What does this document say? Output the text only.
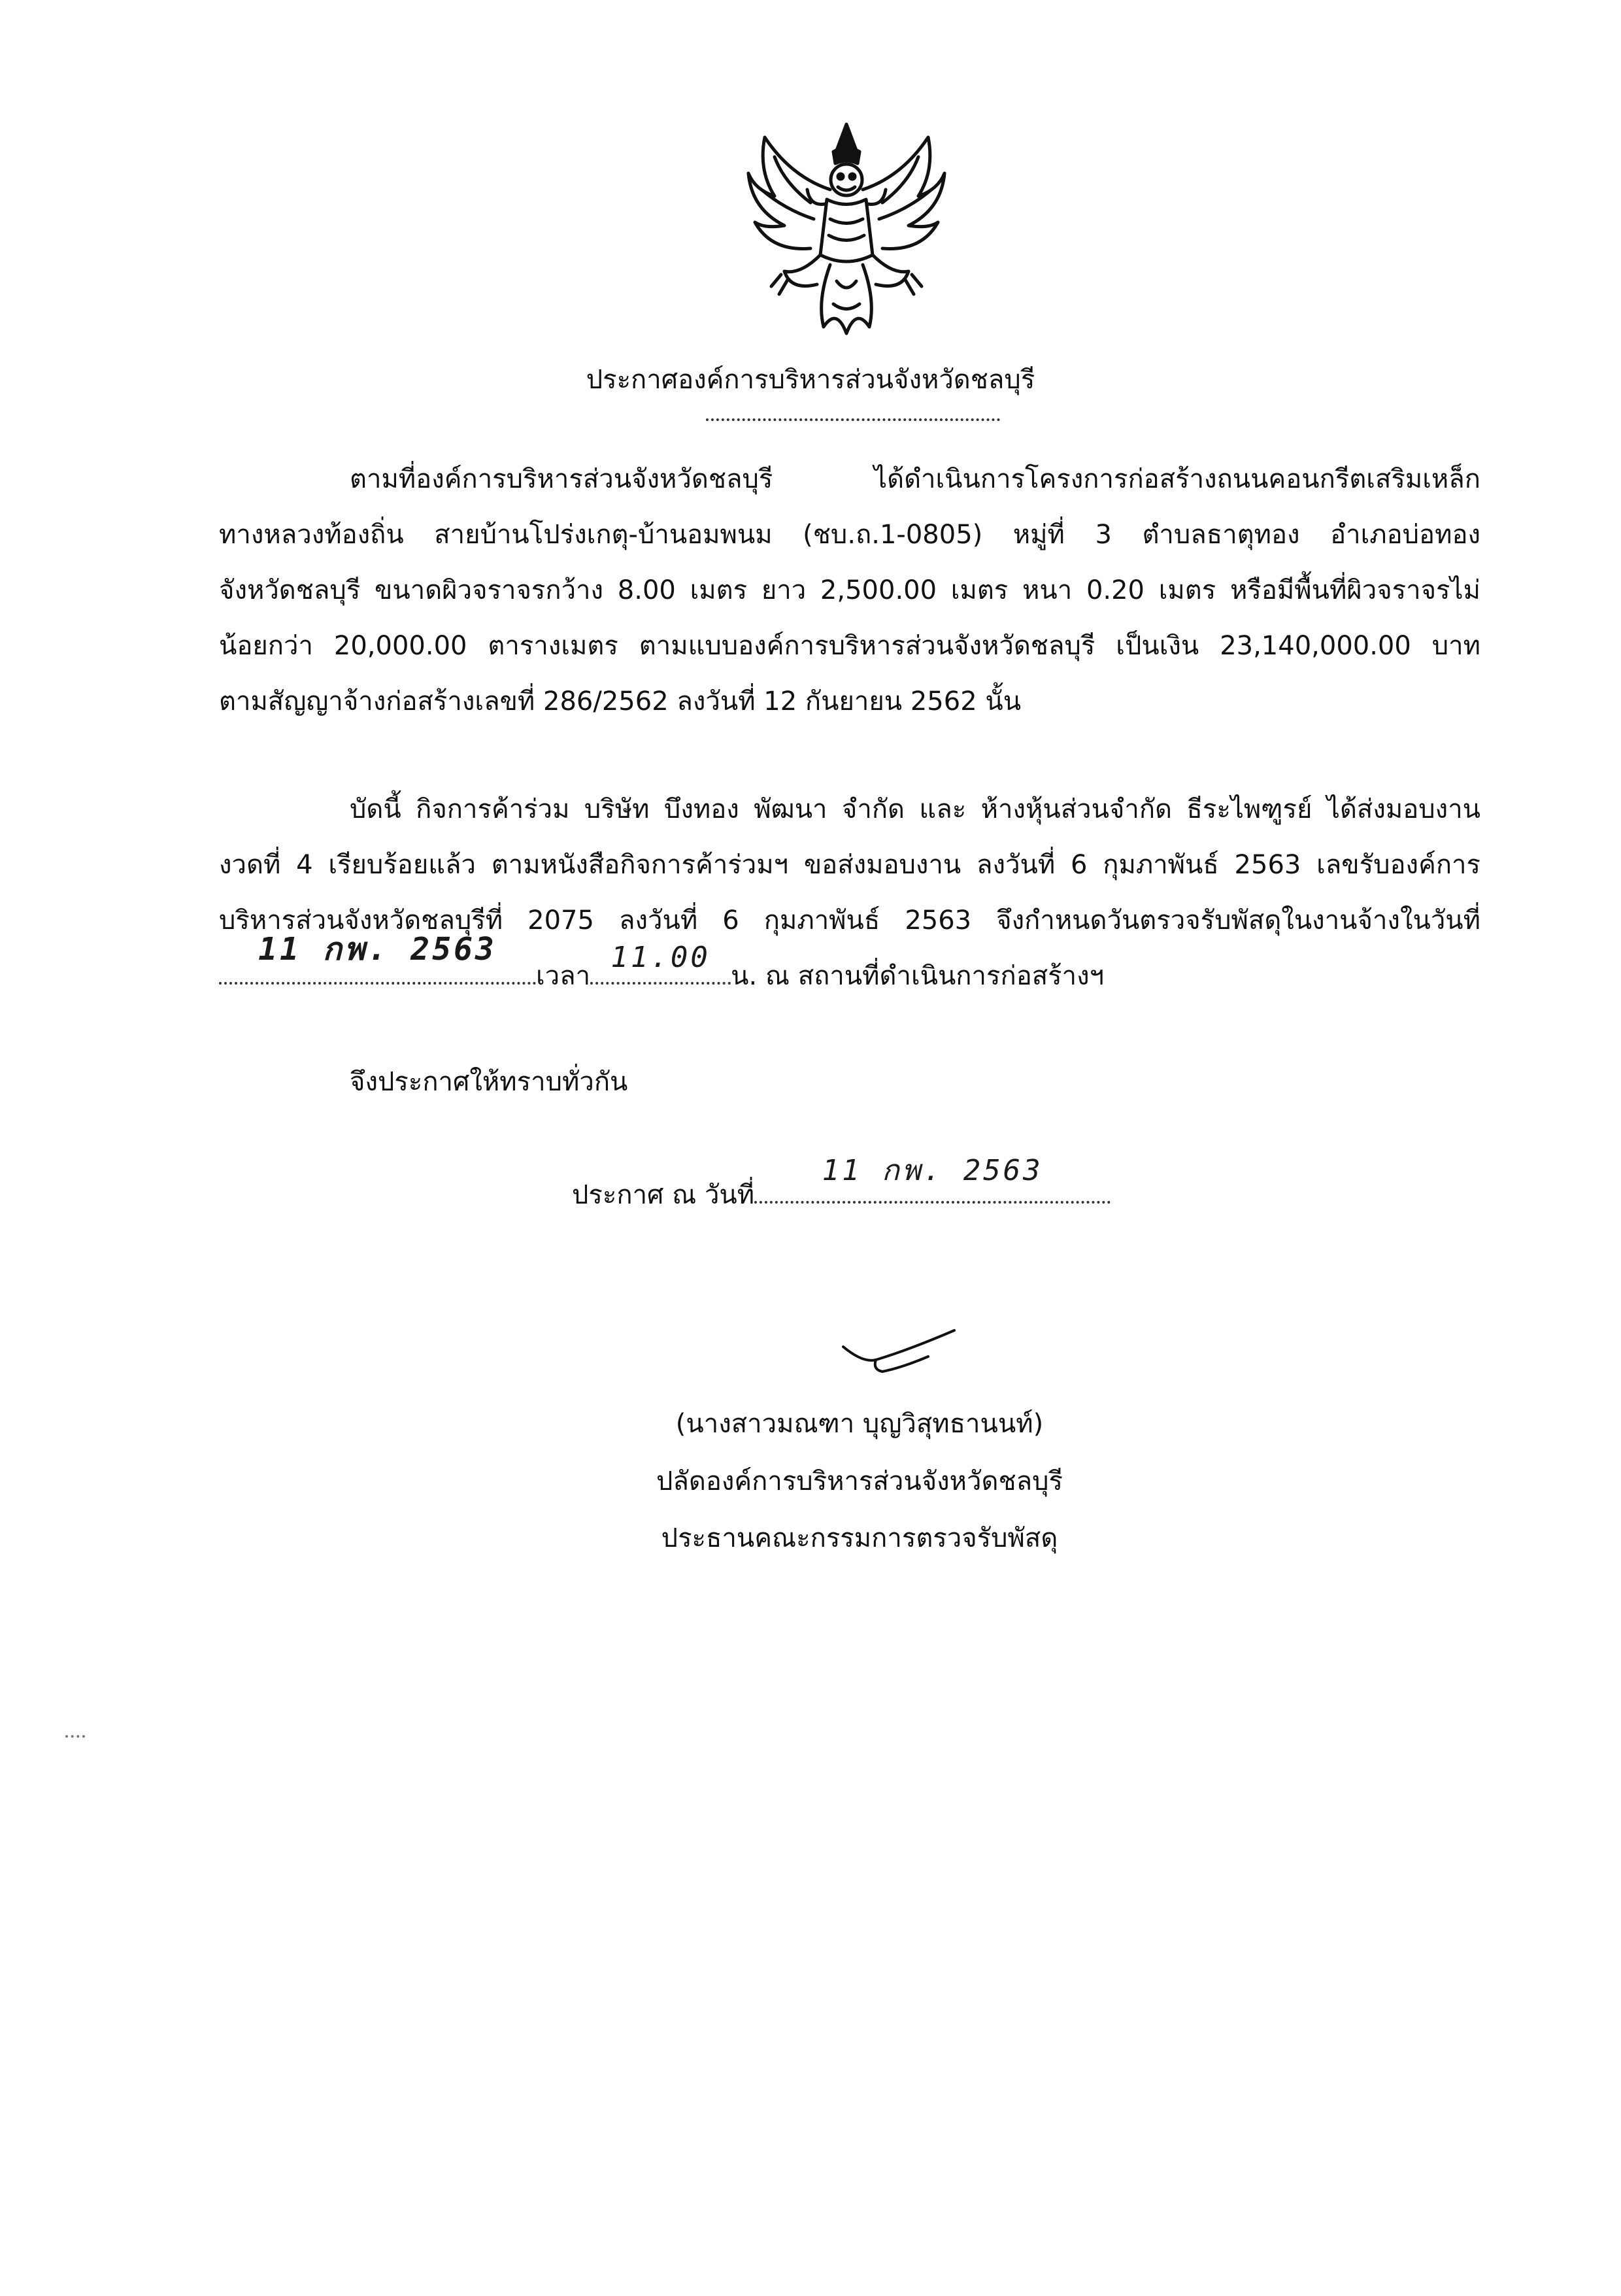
ประกาศองค์การบริหารส่วนจังหวัดชลบุรี
ตามที่องค์การบริหารส่วนจังหวัดชลบุรี ได้ดำเนินการโครงการก่อสร้างถนนคอนกรีตเสริมเหล็ก
ทางหลวงท้องถิ่น สายบ้านโปร่งเกตุ-บ้านอมพนม (ชบ.ถ.1-0805) หมู่ที่ 3 ตำบลธาตุทอง อำเภอบ่อทอง
จังหวัดชลบุรี ขนาดผิวจราจรกว้าง 8.00 เมตร ยาว 2,500.00 เมตร หนา 0.20 เมตร หรือมีพื้นที่ผิวจราจรไม่
น้อยกว่า 20,000.00 ตารางเมตร ตามแบบองค์การบริหารส่วนจังหวัดชลบุรี เป็นเงิน 23,140,000.00 บาท
ตามสัญญาจ้างก่อสร้างเลขที่ 286/2562 ลงวันที่ 12 กันยายน 2562 นั้น
บัดนี้ กิจการค้าร่วม บริษัท บึงทอง พัฒนา จำกัด และ ห้างหุ้นส่วนจำกัด ธีระไพฑูรย์ ได้ส่งมอบงาน
งวดที่ 4 เรียบร้อยแล้ว ตามหนังสือกิจการค้าร่วมฯ ขอส่งมอบงาน ลงวันที่ 6 กุมภาพันธ์ 2563 เลขรับองค์การ
บริหารส่วนจังหวัดชลบุรีที่ 2075 ลงวันที่ 6 กุมภาพันธ์ 2563 จึงกำหนดวันตรวจรับพัสดุในงานจ้างในวันที่
11 กพ. 2563
เวลา
11.00
น. ณ สถานที่ดำเนินการก่อสร้างฯ
จึงประกาศให้ทราบทั่วกัน
ประกาศ ณ วันที่
11 กพ. 2563
(นางสาวมณฑา บุญวิสุทธานนท์)
ปลัดองค์การบริหารส่วนจังหวัดชลบุรี
ประธานคณะกรรมการตรวจรับพัสดุ
